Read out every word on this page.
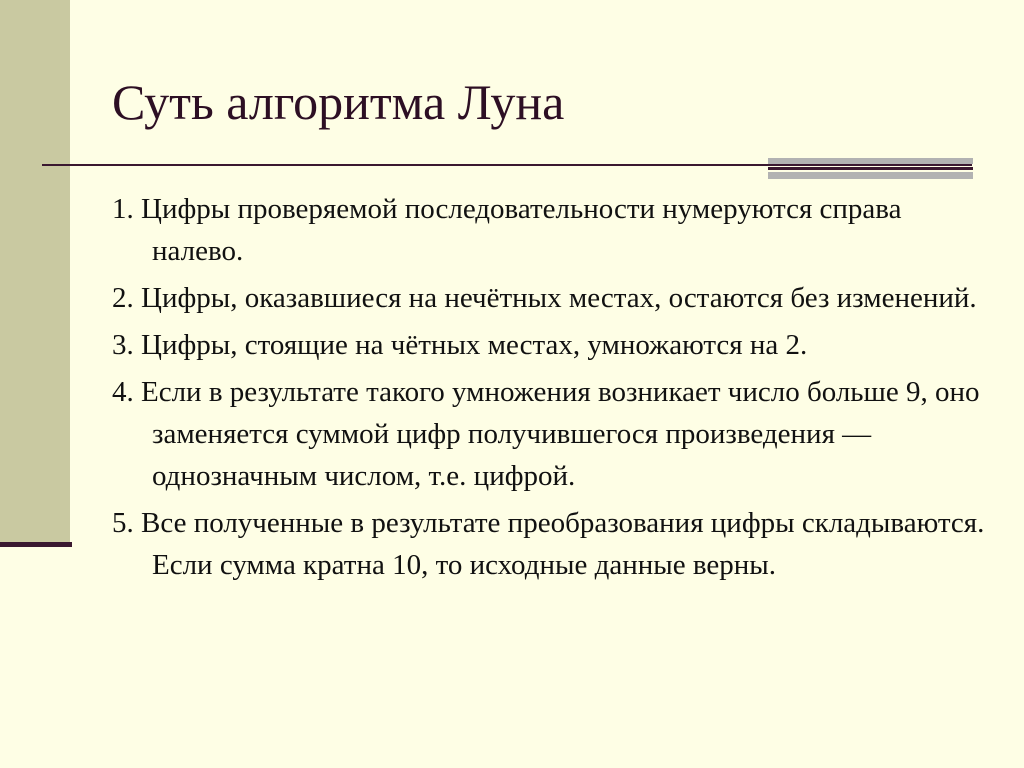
Суть алгоритма Луна
1. Цифры проверяемой последовательности нумеруются справа налево.
2. Цифры, оказавшиеся на нечётных местах, остаются без изменений.
3. Цифры, стоящие на чётных местах, умножаются на 2.
4. Если в результате такого умножения возникает число больше 9, оно заменяется суммой цифр получившегося произведения — однозначным числом, т.е. цифрой.
5. Все полученные в результате преобразования цифры складываются. Если сумма кратна 10, то исходные данные верны.
